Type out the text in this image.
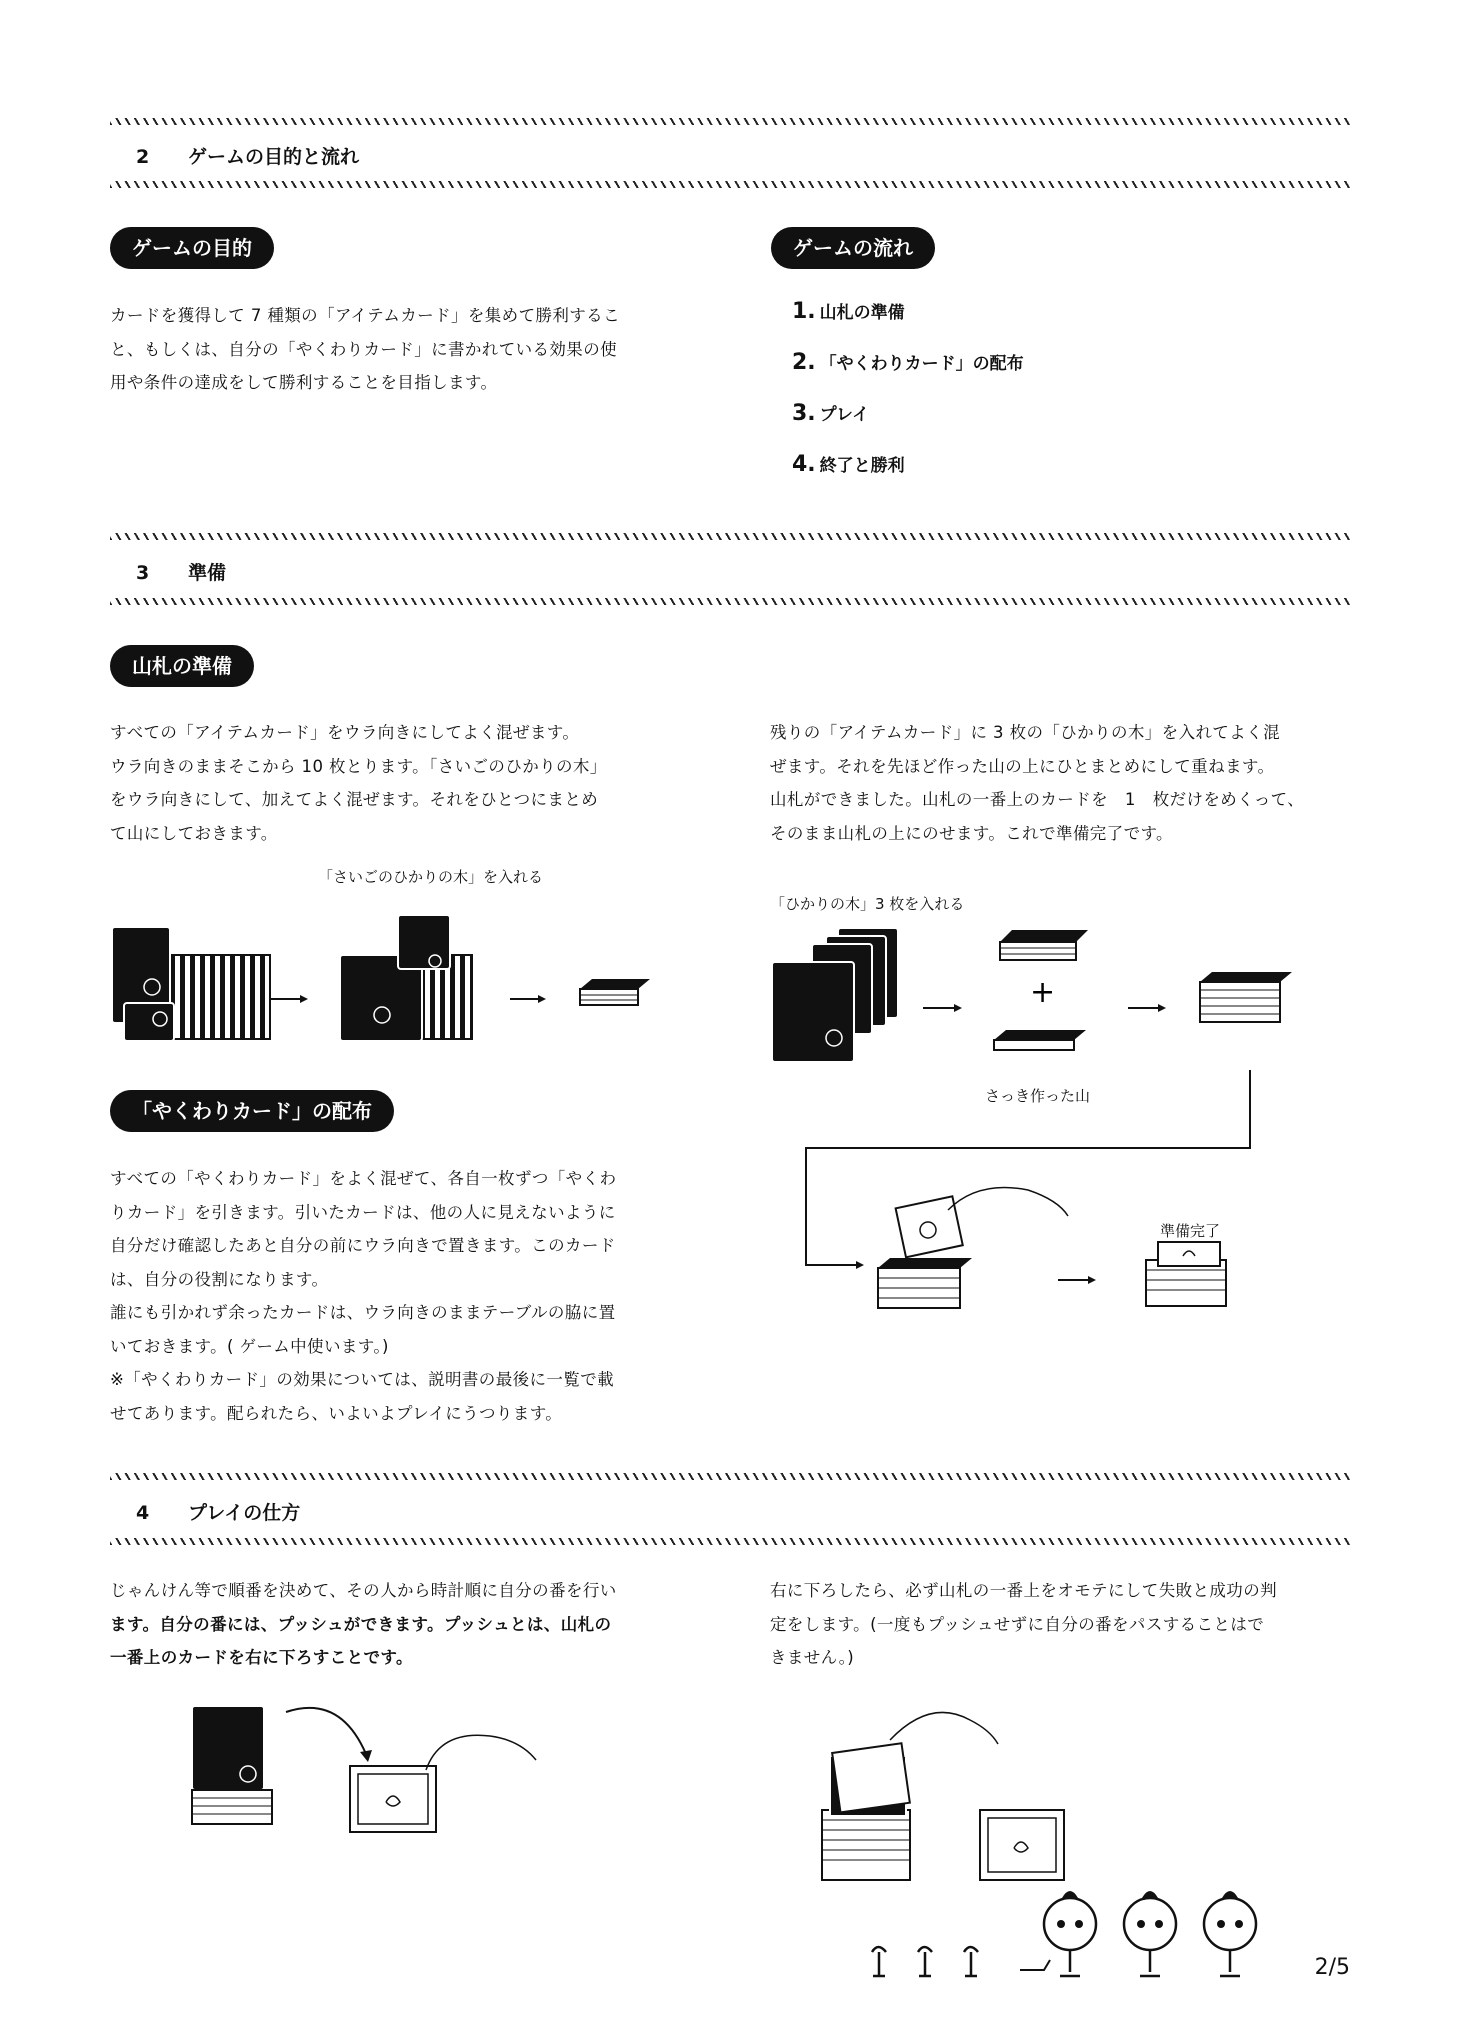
2 ゲームの目的と流れ
ゲームの目的

カードを獲得して 7 種類の「アイテムカード」を集めて勝利するこ

と、もしくは、自分の「やくわりカード」に書かれている効果の使

用や条件の達成をして勝利することを目指します。

ゲームの流れ
1. 山札の準備
2. 「やくわりカード」の配布
3. プレイ
4. 終了と勝利
3 準備
山札の準備

すべての「アイテムカード」をウラ向きにしてよく混ぜます。

ウラ向きのままそこから 10 枚とります。「さいごのひかりの木」

をウラ向きにして、加えてよく混ぜます。それをひとつにまとめ

て山にしておきます。

残りの「アイテムカード」に 3 枚の「ひかりの木」を入れてよく混

ぜます。それを先ほど作った山の上にひとまとめにして重ねます。

山札ができました。山札の一番上のカードを　1　枚だけをめくって、

そのまま山札の上にのせます。これで準備完了です。

「さいごのひかりの木」を入れる
「ひかりの木」3 枚を入れる
さっき作った山
準備完了
+
「やくわりカード」の配布

すべての「やくわりカード」をよく混ぜて、各自一枚ずつ「やくわ

りカード」を引きます。引いたカードは、他の人に見えないように

自分だけ確認したあと自分の前にウラ向きで置きます。このカード

は、自分の役割になります。

誰にも引かれず余ったカードは、ウラ向きのままテーブルの脇に置

いておきます。( ゲーム中使います。)

※「やくわりカード」の効果については、説明書の最後に一覧で載

せてあります。配られたら、いよいよプレイにうつります。

4 プレイの仕方

じゃんけん等で順番を決めて、その人から時計順に自分の番を行い

ます。自分の番には、プッシュができます。プッシュとは、山札の

一番上のカードを右に下ろすことです。

右に下ろしたら、必ず山札の一番上をオモテにして失敗と成功の判

定をします。(一度もプッシュせずに自分の番をパスすることはで

きません。)

2/5
